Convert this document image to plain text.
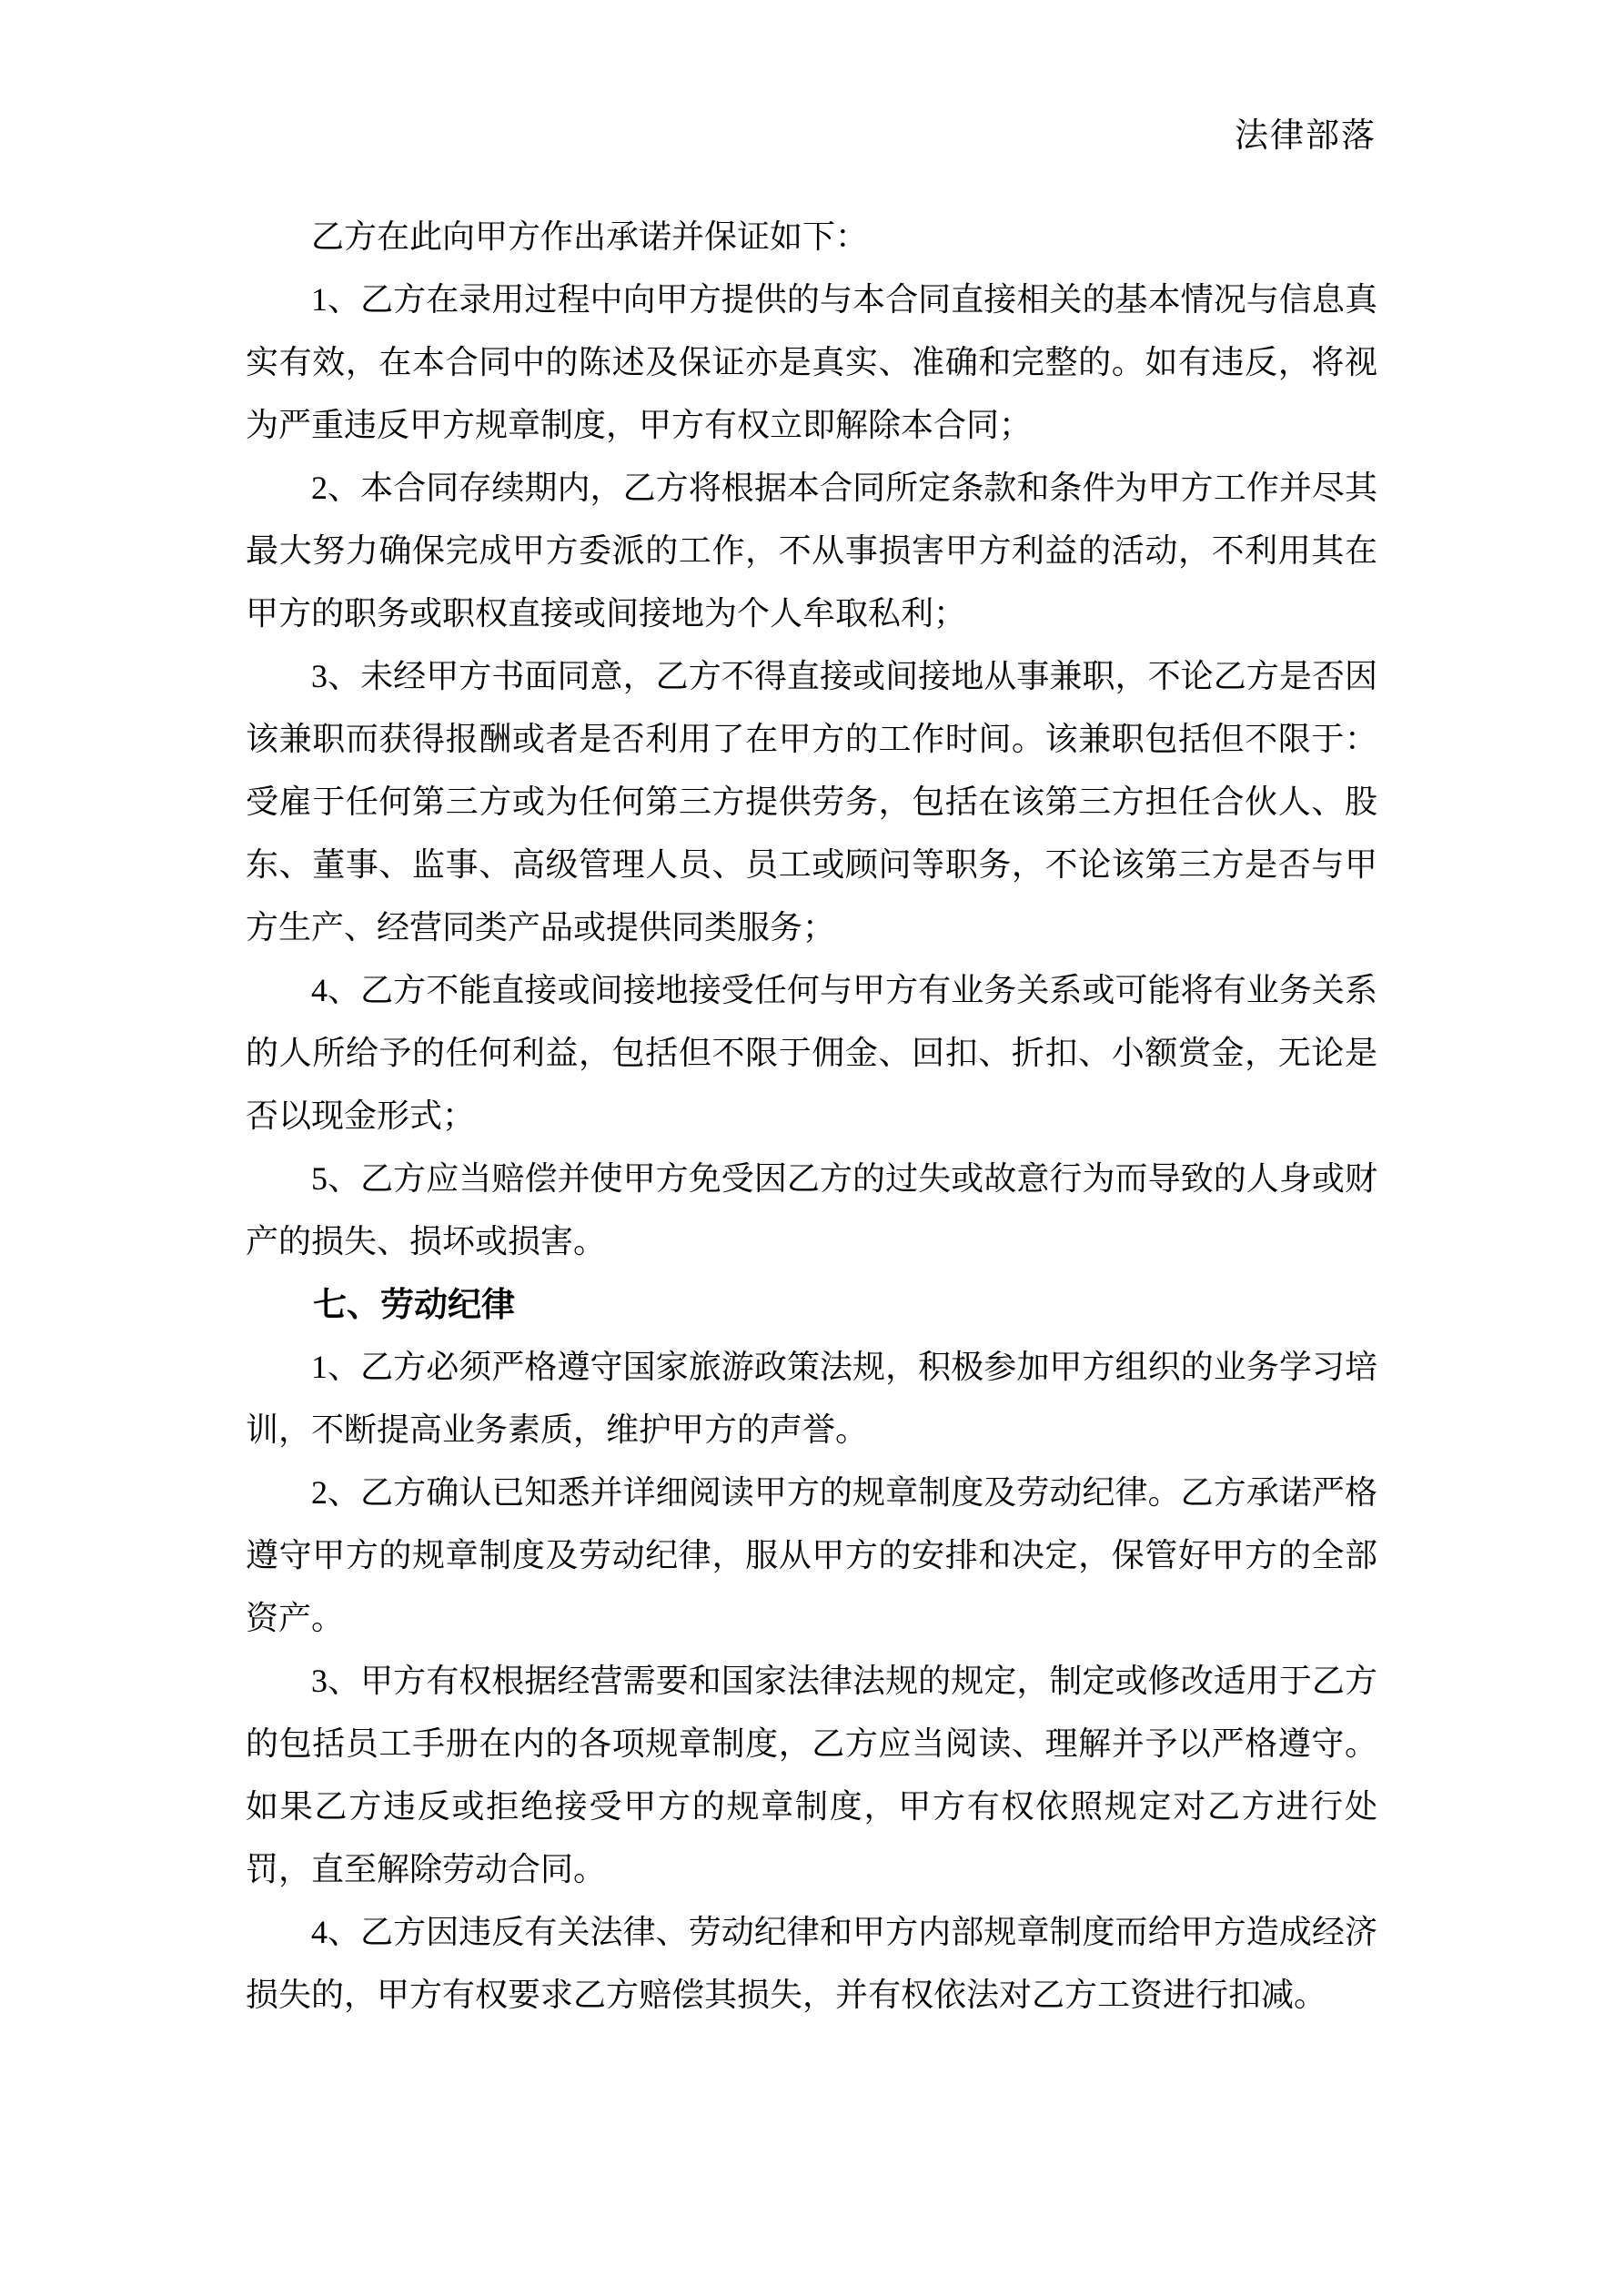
法律部落

乙方在此向甲方作出承诺并保证如下：

1、乙方在录用过程中向甲方提供的与本合同直接相关的基本情况与信息真实有效，在本合同中的陈述及保证亦是真实、准确和完整的。如有违反，将视为严重违反甲方规章制度，甲方有权立即解除本合同；

2、本合同存续期内，乙方将根据本合同所定条款和条件为甲方工作并尽其最大努力确保完成甲方委派的工作，不从事损害甲方利益的活动，不利用其在甲方的职务或职权直接或间接地为个人牟取私利；

3、未经甲方书面同意，乙方不得直接或间接地从事兼职，不论乙方是否因该兼职而获得报酬或者是否利用了在甲方的工作时间。该兼职包括但不限于：受雇于任何第三方或为任何第三方提供劳务，包括在该第三方担任合伙人、股东、董事、监事、高级管理人员、员工或顾问等职务，不论该第三方是否与甲方生产、经营同类产品或提供同类服务；

4、乙方不能直接或间接地接受任何与甲方有业务关系或可能将有业务关系的人所给予的任何利益，包括但不限于佣金、回扣、折扣、小额赏金，无论是否以现金形式；

5、乙方应当赔偿并使甲方免受因乙方的过失或故意行为而导致的人身或财产的损失、损坏或损害。

七、劳动纪律

1、乙方必须严格遵守国家旅游政策法规，积极参加甲方组织的业务学习培训，不断提高业务素质，维护甲方的声誉。

2、乙方确认已知悉并详细阅读甲方的规章制度及劳动纪律。乙方承诺严格遵守甲方的规章制度及劳动纪律，服从甲方的安排和决定，保管好甲方的全部资产。

3、甲方有权根据经营需要和国家法律法规的规定，制定或修改适用于乙方的包括员工手册在内的各项规章制度，乙方应当阅读、理解并予以严格遵守。如果乙方违反或拒绝接受甲方的规章制度，甲方有权依照规定对乙方进行处罚，直至解除劳动合同。

4、乙方因违反有关法律、劳动纪律和甲方内部规章制度而给甲方造成经济损失的，甲方有权要求乙方赔偿其损失，并有权依法对乙方工资进行扣减。
